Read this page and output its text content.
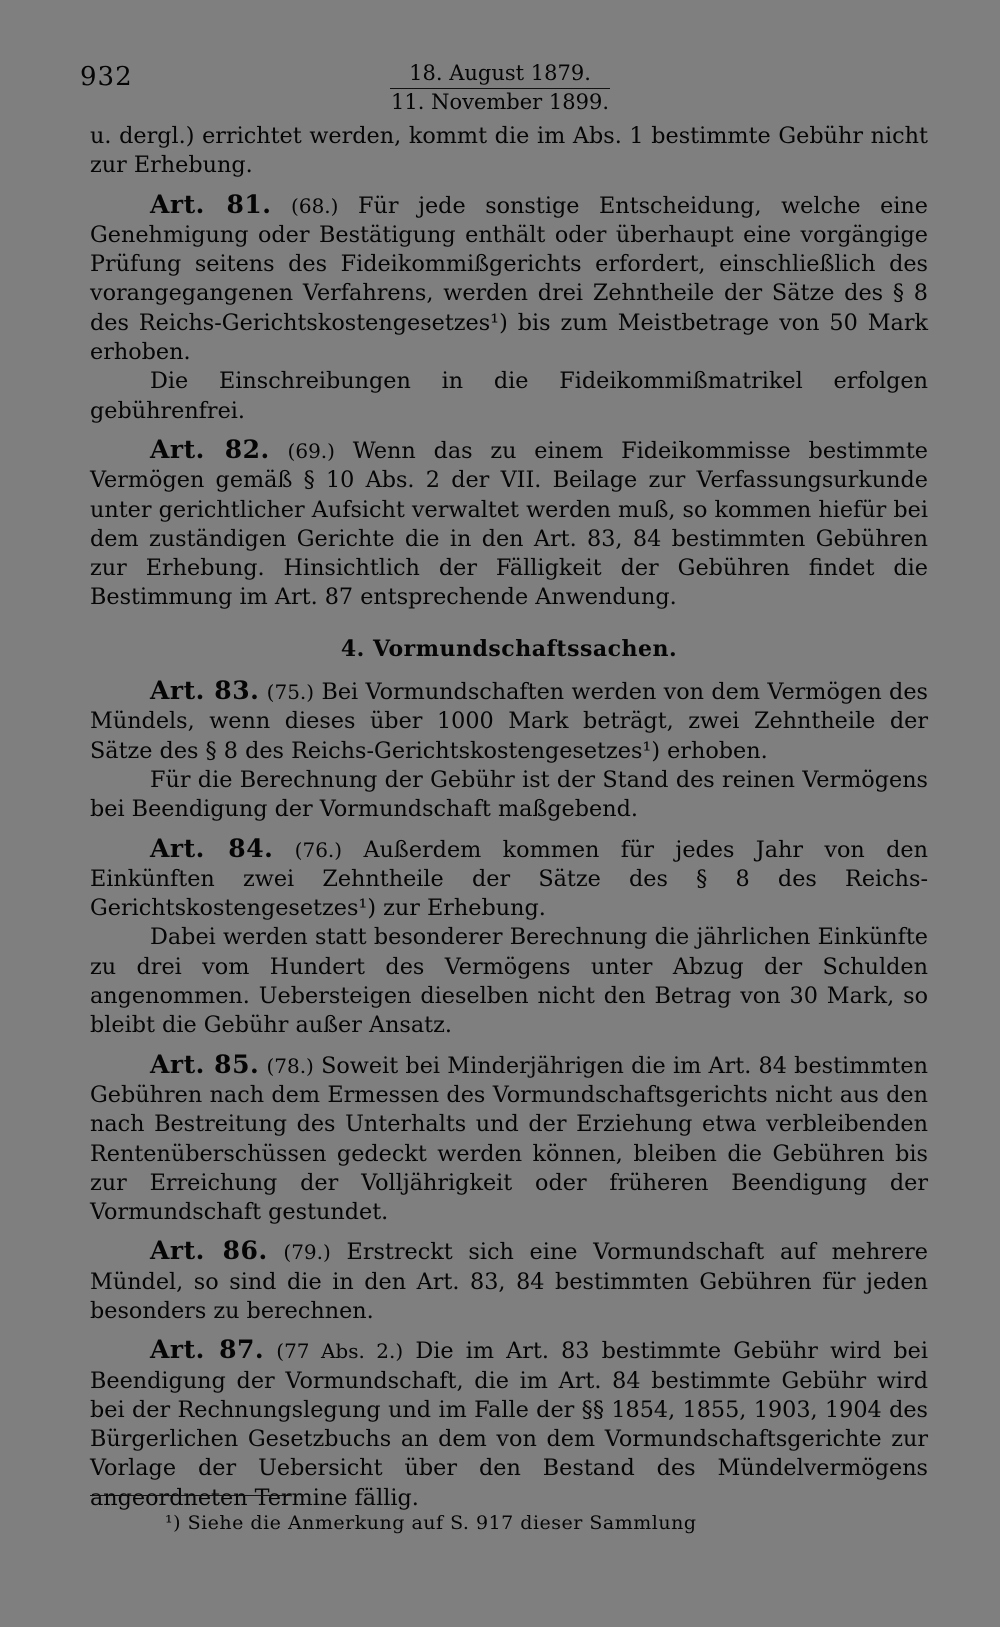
932	18. August 1879.
11. November 1899.

u. dergl.) errichtet werden, kommt die im Abs. 1 bestimmte Gebühr nicht zur Erhebung.

Art. 81. (68.) Für jede sonstige Entscheidung, welche eine Genehmigung oder Bestätigung enthält oder überhaupt eine vorgängige Prüfung seitens des Fideikommißgerichts erfordert, einschließlich des vorangegangenen Verfahrens, werden drei Zehntheile der Sätze des § 8 des Reichs-Gerichtskostengesetzes¹) bis zum Meistbetrage von 50 Mark erhoben.

Die Einschreibungen in die Fideikommißmatrikel erfolgen gebührenfrei.

Art. 82. (69.) Wenn das zu einem Fideikommisse bestimmte Vermögen gemäß § 10 Abs. 2 der VII. Beilage zur Verfassungsurkunde unter gerichtlicher Aufsicht verwaltet werden muß, so kommen hiefür bei dem zuständigen Gerichte die in den Art. 83, 84 bestimmten Gebühren zur Erhebung. Hinsichtlich der Fälligkeit der Gebühren findet die Bestimmung im Art. 87 entsprechende Anwendung.

4. Vormundschaftssachen.

Art. 83. (75.) Bei Vormundschaften werden von dem Vermögen des Mündels, wenn dieses über 1000 Mark beträgt, zwei Zehntheile der Sätze des § 8 des Reichs-Gerichtskostengesetzes¹) erhoben.

Für die Berechnung der Gebühr ist der Stand des reinen Vermögens bei Beendigung der Vormundschaft maßgebend.

Art. 84. (76.) Außerdem kommen für jedes Jahr von den Einkünften zwei Zehntheile der Sätze des § 8 des Reichs-Gerichtskostengesetzes¹) zur Erhebung.

Dabei werden statt besonderer Berechnung die jährlichen Einkünfte zu drei vom Hundert des Vermögens unter Abzug der Schulden angenommen. Uebersteigen dieselben nicht den Betrag von 30 Mark, so bleibt die Gebühr außer Ansatz.

Art. 85. (78.) Soweit bei Minderjährigen die im Art. 84 bestimmten Gebühren nach dem Ermessen des Vormundschaftsgerichts nicht aus den nach Bestreitung des Unterhalts und der Erziehung etwa verbleibenden Rentenüberschüssen gedeckt werden können, bleiben die Gebühren bis zur Erreichung der Volljährigkeit oder früheren Beendigung der Vormundschaft gestundet.

Art. 86. (79.) Erstreckt sich eine Vormundschaft auf mehrere Mündel, so sind die in den Art. 83, 84 bestimmten Gebühren für jeden besonders zu berechnen.

Art. 87. (77 Abs. 2.) Die im Art. 83 bestimmte Gebühr wird bei Beendigung der Vormundschaft, die im Art. 84 bestimmte Gebühr wird bei der Rechnungslegung und im Falle der §§ 1854, 1855, 1903, 1904 des Bürgerlichen Gesetzbuchs an dem von dem Vormundschaftsgerichte zur Vorlage der Uebersicht über den Bestand des Mündelvermögens angeordneten Termine fällig.

¹) Siehe die Anmerkung auf S. 917 dieser Sammlung
